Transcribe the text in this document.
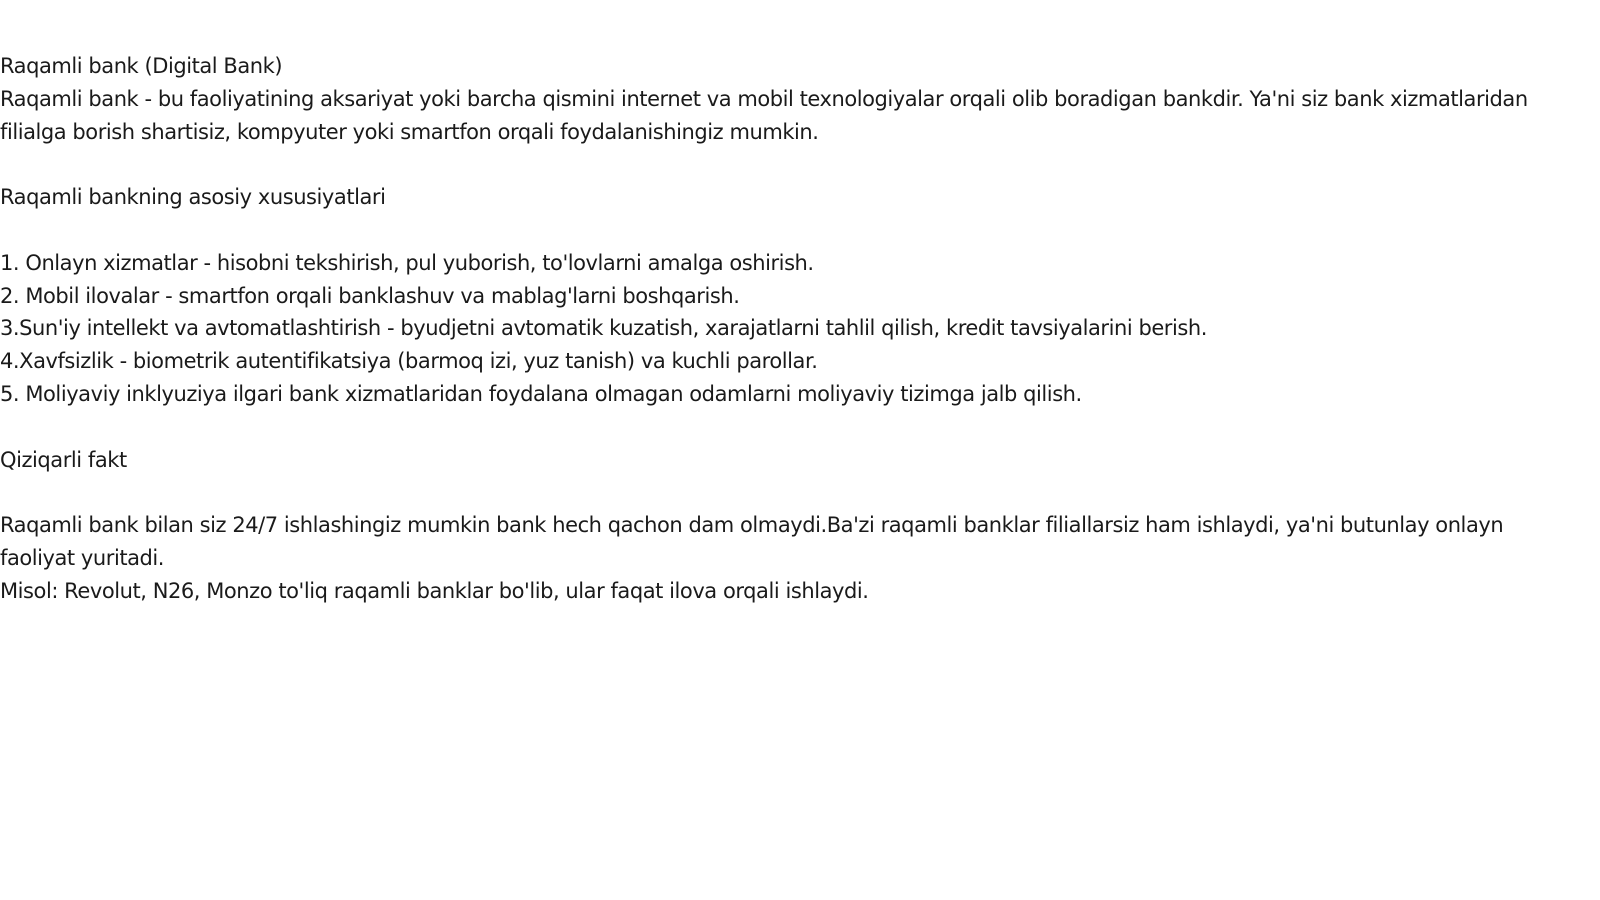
Raqamli bank (Digital Bank)

Raqamli bank - bu faoliyatining aksariyat yoki barcha qismini internet va mobil texnologiyalar orqali olib boradigan bankdir. Ya'ni siz bank xizmatlaridan filialga borish shartisiz, kompyuter yoki smartfon orqali foydalanishingiz mumkin.

Raqamli bankning asosiy xususiyatlari

1. Onlayn xizmatlar - hisobni tekshirish, pul yuborish, to'lovlarni amalga oshirish.

2. Mobil ilovalar - smartfon orqali banklashuv va mablag'larni boshqarish.

3.Sun'iy intellekt va avtomatlashtirish - byudjetni avtomatik kuzatish, xarajatlarni tahlil qilish, kredit tavsiyalarini berish.

4.Xavfsizlik - biometrik autentifikatsiya (barmoq izi, yuz tanish) va kuchli parollar.

5. Moliyaviy inklyuziya ilgari bank xizmatlaridan foydalana olmagan odamlarni moliyaviy tizimga jalb qilish.

Qiziqarli fakt

Raqamli bank bilan siz 24/7 ishlashingiz mumkin bank hech qachon dam olmaydi.Ba'zi raqamli banklar filiallarsiz ham ishlaydi, ya'ni butunlay onlayn faoliyat yuritadi.

Misol: Revolut, N26, Monzo to'liq raqamli banklar bo'lib, ular faqat ilova orqali ishlaydi.
